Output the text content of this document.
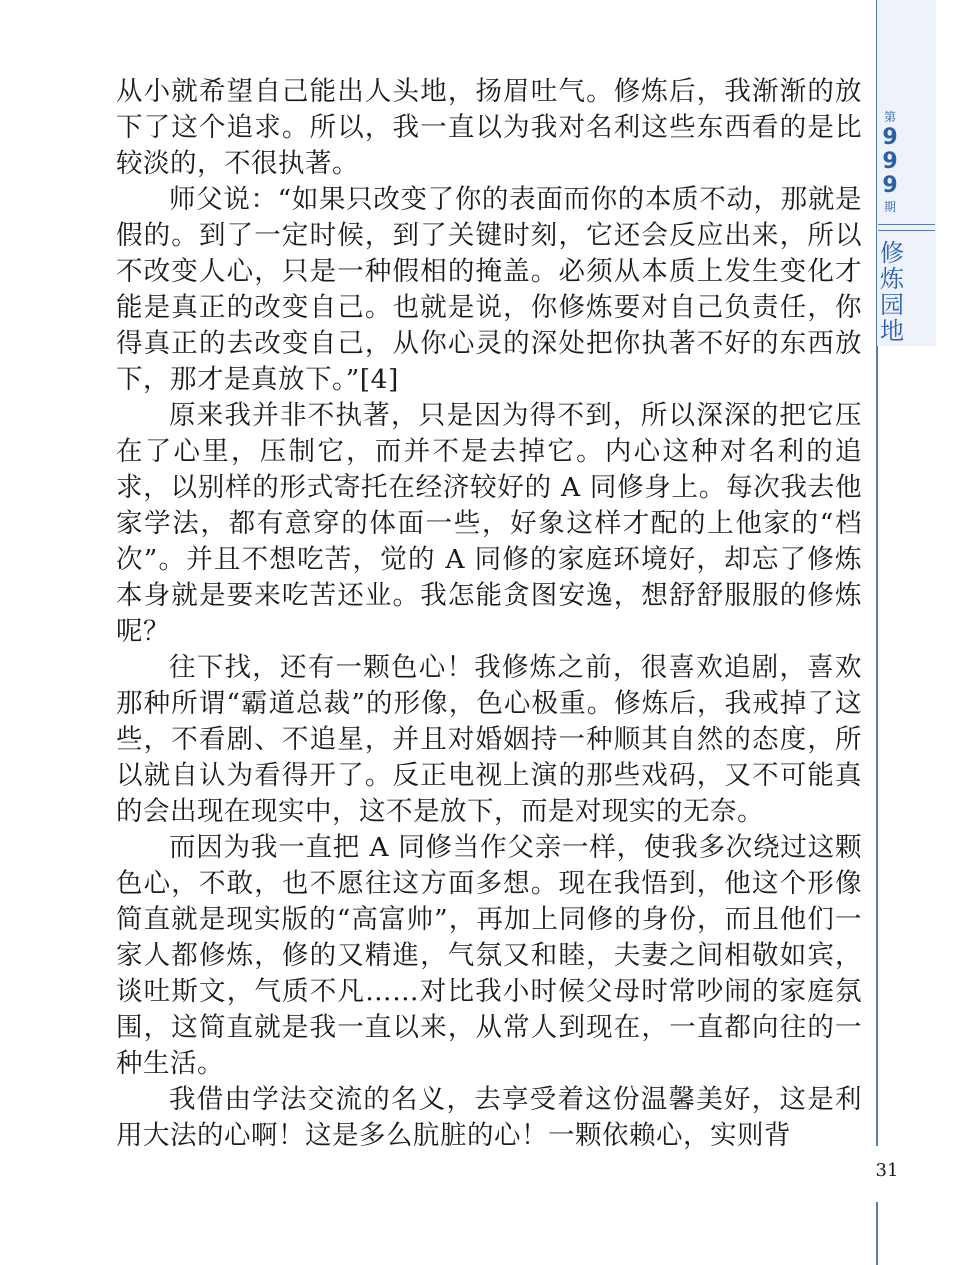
第
9
9
9
期
修
炼
园
地

从小就希望自己能出人头地，扬眉吐气。修炼后，我渐渐的放下了这个追求。所以，我一直以为我对名利这些东西看的是比较淡的，不很执著。

师父说：“如果只改变了你的表面而你的本质不动，那就是假的。到了一定时候，到了关键时刻，它还会反应出来，所以不改变人心，只是一种假相的掩盖。必须从本质上发生变化才能是真正的改变自己。也就是说，你修炼要对自己负责任，你得真正的去改变自己，从你心灵的深处把你执著不好的东西放下，那才是真放下。”[4]

原来我并非不执著，只是因为得不到，所以深深的把它压在了心里，压制它，而并不是去掉它。内心这种对名利的追求，以别样的形式寄托在经济较好的 A 同修身上。每次我去他家学法，都有意穿的体面一些，好象这样才配的上他家的“档次”。并且不想吃苦，觉的 A 同修的家庭环境好，却忘了修炼本身就是要来吃苦还业。我怎能贪图安逸，想舒舒服服的修炼呢？

往下找，还有一颗色心！我修炼之前，很喜欢追剧，喜欢那种所谓“霸道总裁”的形像，色心极重。修炼后，我戒掉了这些，不看剧、不追星，并且对婚姻持一种顺其自然的态度，所以就自认为看得开了。反正电视上演的那些戏码，又不可能真的会出现在现实中，这不是放下，而是对现实的无奈。

而因为我一直把 A 同修当作父亲一样，使我多次绕过这颗色心，不敢，也不愿往这方面多想。现在我悟到，他这个形像简直就是现实版的“高富帅”，再加上同修的身份，而且他们一家人都修炼，修的又精進，气氛又和睦，夫妻之间相敬如宾，谈吐斯文，气质不凡……对比我小时候父母时常吵闹的家庭氛围，这简直就是我一直以来，从常人到现在，一直都向往的一种生活。

我借由学法交流的名义，去享受着这份温馨美好，这是利用大法的心啊！这是多么肮脏的心！一颗依赖心，实则背

31
